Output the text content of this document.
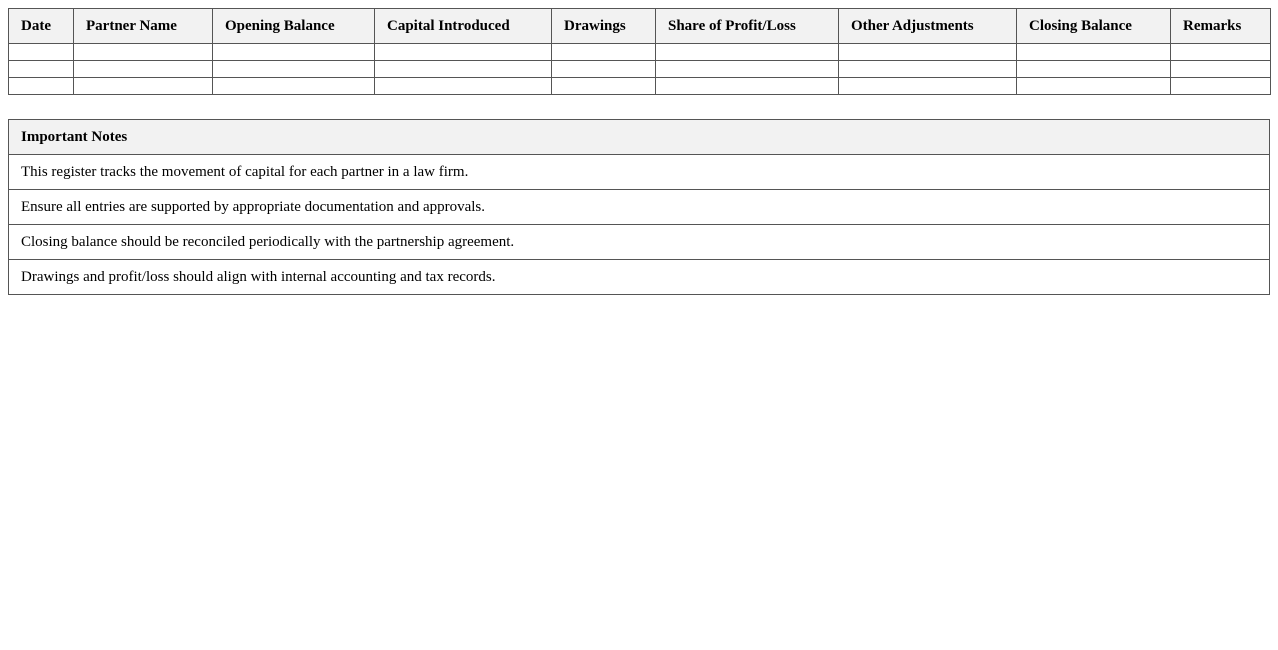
Date	Partner Name	Opening Balance	Capital Introduced	Drawings	Share of Profit/Loss	Other Adjustments	Closing Balance	Remarks

Important Notes
This register tracks the movement of capital for each partner in a law firm.
Ensure all entries are supported by appropriate documentation and approvals.
Closing balance should be reconciled periodically with the partnership agreement.
Drawings and profit/loss should align with internal accounting and tax records.
